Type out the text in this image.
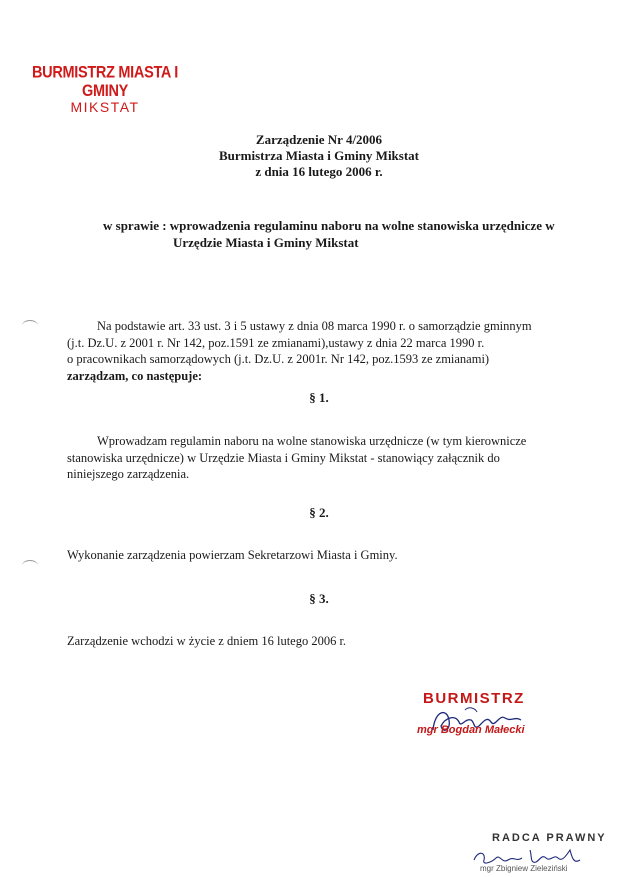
BURMISTRZ MIASTA I GMINY
MIKSTAT
Zarządzenie Nr 4/2006
Burmistrza Miasta i Gminy Mikstat
z dnia 16 lutego 2006 r.
w sprawie : wprowadzenia regulaminu naboru na wolne stanowiska urzędnicze w
Urzędzie Miasta i Gminy Mikstat
Na podstawie art. 33 ust. 3 i 5 ustawy z dnia 08 marca 1990 r. o samorządzie gminnym
(j.t. Dz.U. z 2001 r. Nr 142, poz.1591 ze zmianami),ustawy z dnia 22 marca 1990 r.
o pracownikach samorządowych (j.t. Dz.U. z 2001r. Nr 142, poz.1593 ze zmianami)
zarządzam, co następuje:
§ 1.
Wprowadzam regulamin naboru na wolne stanowiska urzędnicze (w tym kierownicze
stanowiska urzędnicze) w Urzędzie Miasta i Gminy Mikstat - stanowiący załącznik do
niniejszego zarządzenia.
§ 2.
Wykonanie zarządzenia powierzam Sekretarzowi Miasta i Gminy.
§ 3.
Zarządzenie wchodzi w życie z dniem 16 lutego 2006 r.
BURMISTRZ
mgr Bogdan Małecki
RADCA PRAWNY
mgr Zbigniew Zieleziński
